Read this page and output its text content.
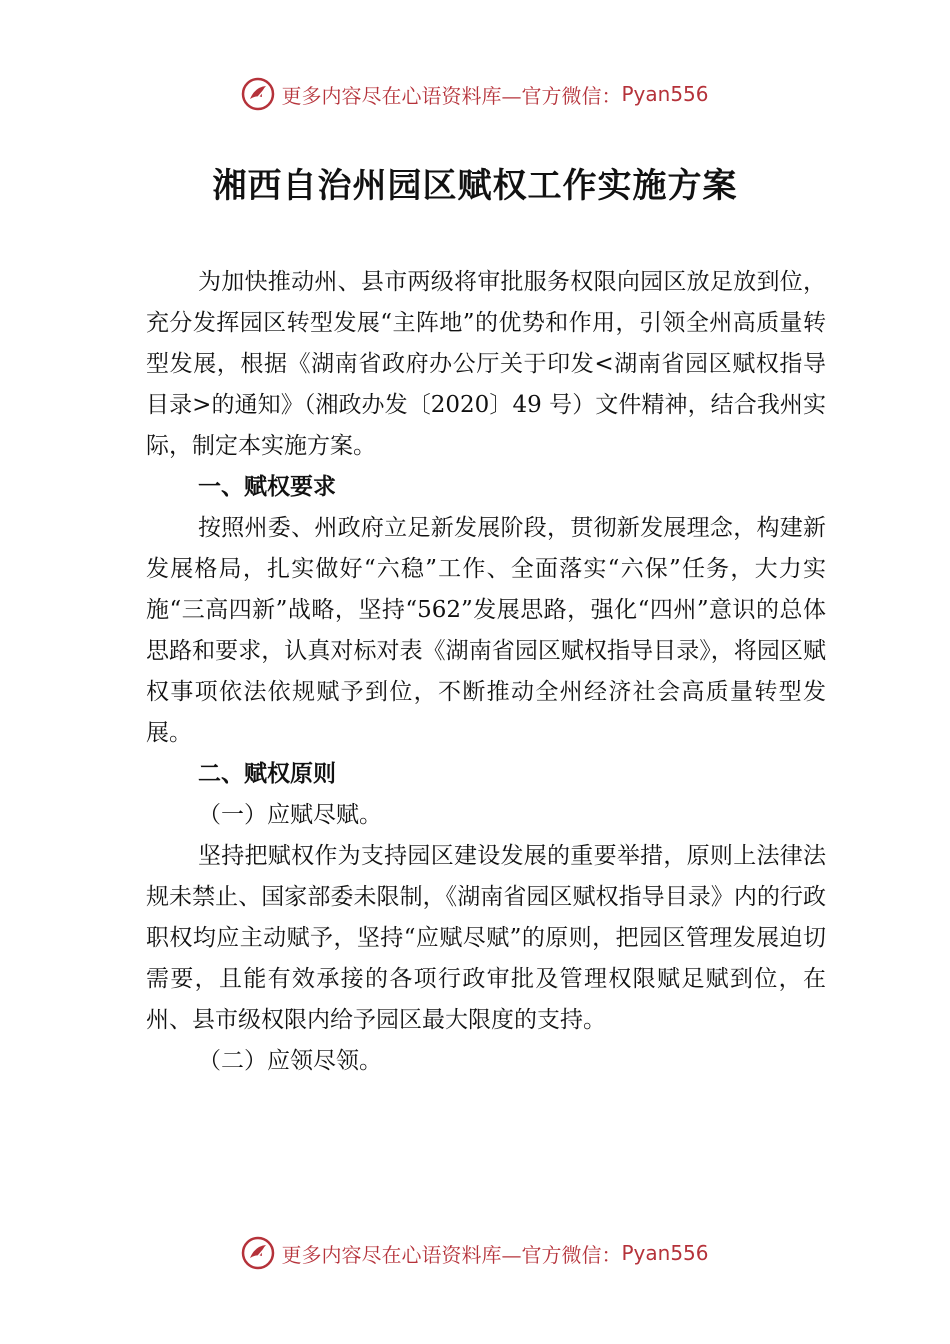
更多内容尽在心语资料库—官方微信： Pyan556
湘西自治州园区赋权工作实施方案

为加快推动州、县市两级将审批服务权限向园区放足放到位，充分发挥园区转型发展“主阵地”的优势和作用，引领全州高质量转型发展，根据《湖南省政府办公厅关于印发<湖南省园区赋权指导目录>的通知》（湘政办发〔2020〕49 号）文件精神，结合我州实际，制定本实施方案。

一、赋权要求

按照州委、州政府立足新发展阶段，贯彻新发展理念，构建新发展格局，扎实做好“六稳”工作、全面落实“六保”任务，大力实施“三高四新”战略，坚持“562”发展思路，强化“四州”意识的总体思路和要求，认真对标对表《湖南省园区赋权指导目录》，将园区赋权事项依法依规赋予到位，不断推动全州经济社会高质量转型发展。

二、赋权原则

（一）应赋尽赋。

坚持把赋权作为支持园区建设发展的重要举措，原则上法律法规未禁止、国家部委未限制，《湖南省园区赋权指导目录》内的行政职权均应主动赋予，坚持“应赋尽赋”的原则，把园区管理发展迫切需要，且能有效承接的各项行政审批及管理权限赋足赋到位，在州、县市级权限内给予园区最大限度的支持。

（二）应领尽领。

更多内容尽在心语资料库—官方微信： Pyan556
